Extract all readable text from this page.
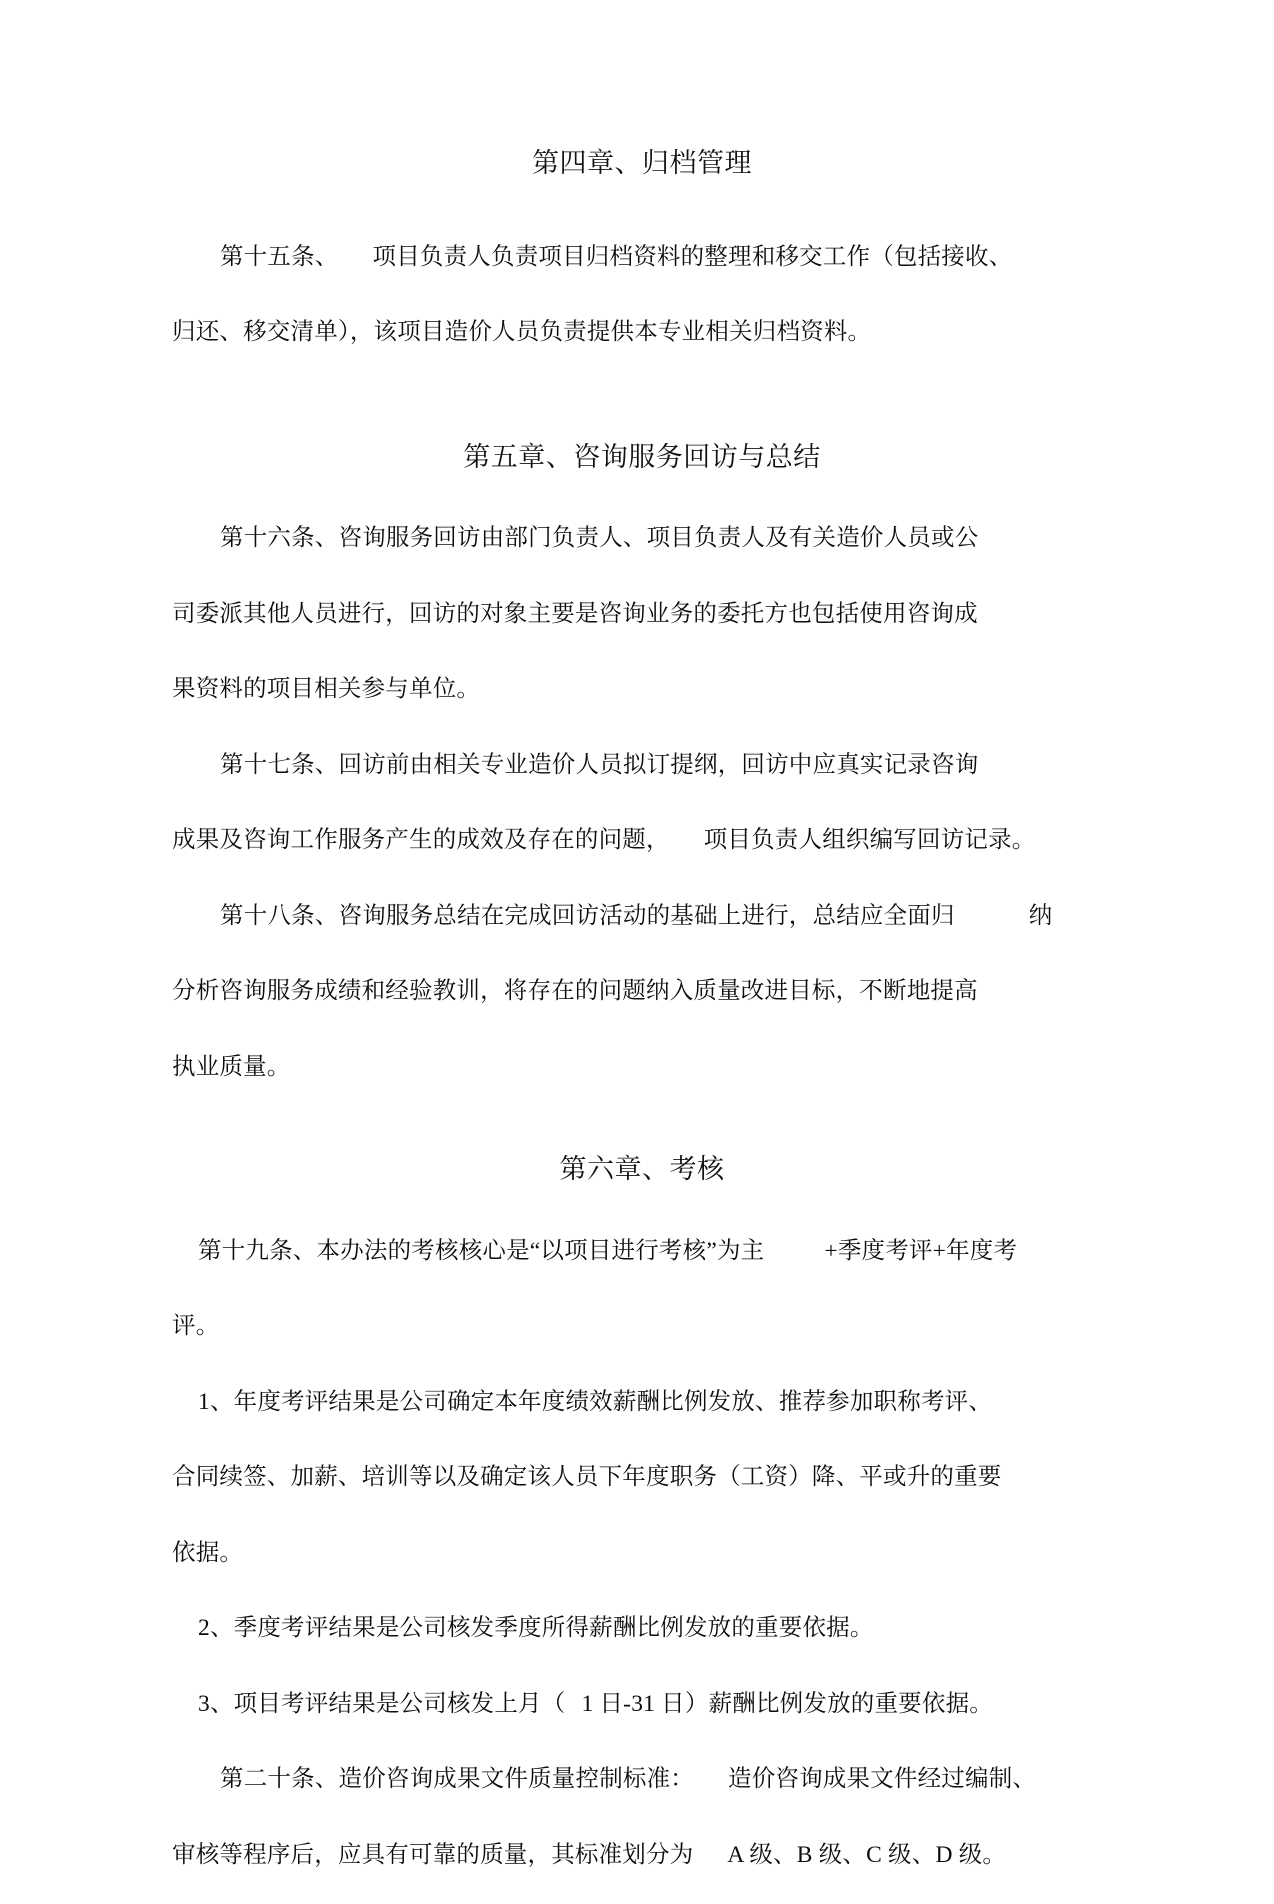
第四章、归档管理

第十五条、 项目负责人负责项目归档资料的整理和移交工作（包括接收、

归还、移交清单），该项目造价人员负责提供本专业相关归档资料。

第五章、咨询服务回访与总结

第十六条、咨询服务回访由部门负责人、项目负责人及有关造价人员或公

司委派其他人员进行，回访的对象主要是咨询业务的委托方也包括使用咨询成

果资料的项目相关参与单位。

第十七条、回访前由相关专业造价人员拟订提纲，回访中应真实记录咨询

成果及咨询工作服务产生的成效及存在的问题， 项目负责人组织编写回访记录。

第十八条、咨询服务总结在完成回访活动的基础上进行，总结应全面归	纳

分析咨询服务成绩和经验教训，将存在的问题纳入质量改进目标，不断地提高

执业质量。

第六章、考核

第十九条、本办法的考核核心是“以项目进行考核”为主	+季度考评+年度考

评。

1、年度考评结果是公司确定本年度绩效薪酬比例发放、推荐参加职称考评、

合同续签、加薪、培训等以及确定该人员下年度职务（工资）降、平或升的重要

依据。

2、季度考评结果是公司核发季度所得薪酬比例发放的重要依据。

3、项目考评结果是公司核发上月（ 1 日-31 日）薪酬比例发放的重要依据。

第二十条、造价咨询成果文件质量控制标准： 造价咨询成果文件经过编制、

审核等程序后，应具有可靠的质量，其标准划分为 A 级、B 级、C 级、D 级。
